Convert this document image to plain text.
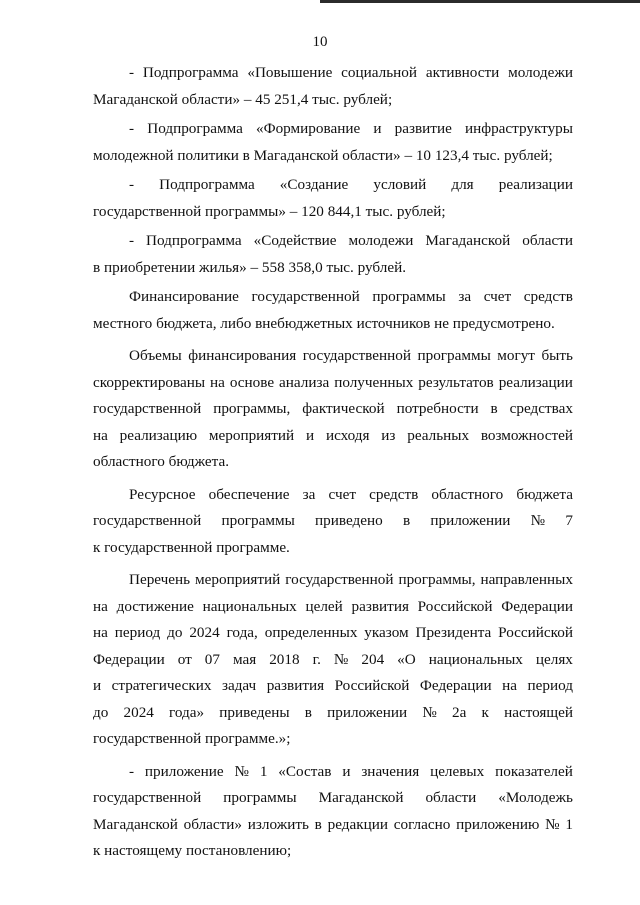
10
- Подпрограмма «Повышение социальной активности молодежи
Магаданской области» – 45 251,4 тыс. рублей;
- Подпрограмма «Формирование и развитие инфраструктуры
молодежной политики в Магаданской области» – 10 123,4 тыс. рублей;
- Подпрограмма «Создание условий для реализации
государственной программы» – 120 844,1 тыс. рублей;
- Подпрограмма «Содействие молодежи Магаданской области
в приобретении жилья» – 558 358,0 тыс. рублей.
Финансирование государственной программы за счет средств
местного бюджета, либо внебюджетных источников не предусмотрено.
Объемы финансирования государственной программы могут быть
скорректированы на основе анализа полученных результатов реализации
государственной программы, фактической потребности в средствах
на реализацию мероприятий и исходя из реальных возможностей
областного бюджета.
Ресурсное обеспечение за счет средств областного бюджета
государственной программы приведено в приложении № 7
к государственной программе.
Перечень мероприятий государственной программы, направленных
на достижение национальных целей развития Российской Федерации
на период до 2024 года, определенных указом Президента Российской
Федерации от 07 мая 2018 г. № 204 «О национальных целях
и стратегических задач развития Российской Федерации на период
до 2024 года» приведены в приложении № 2а к настоящей
государственной программе.»;
- приложение № 1 «Состав и значения целевых показателей
государственной программы Магаданской области «Молодежь
Магаданской области» изложить в редакции согласно приложению № 1
к настоящему постановлению;
